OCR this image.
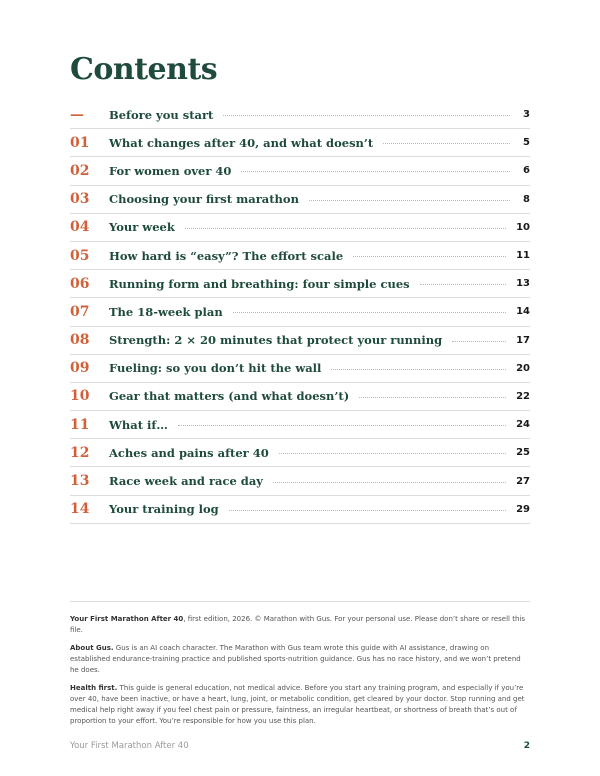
Contents
—	Before you start	3
01	What changes after 40, and what doesn’t	5
02	For women over 40	6
03	Choosing your first marathon	8
04	Your week	10
05	How hard is “easy”? The effort scale	11
06	Running form and breathing: four simple cues	13
07	The 18-week plan	14
08	Strength: 2 × 20 minutes that protect your running	17
09	Fueling: so you don’t hit the wall	20
10	Gear that matters (and what doesn’t)	22
11	What if…	24
12	Aches and pains after 40	25
13	Race week and race day	27
14	Your training log	29

Your First Marathon After 40, first edition, 2026. © Marathon with Gus. For your personal use. Please don’t share or resell this file.

About Gus. Gus is an AI coach character. The Marathon with Gus team wrote this guide with AI assistance, drawing on established endurance-training practice and published sports-nutrition guidance. Gus has no race history, and we won’t pretend he does.

Health first. This guide is general education, not medical advice. Before you start any training program, and especially if you’re over 40, have been inactive, or have a heart, lung, joint, or metabolic condition, get cleared by your doctor. Stop running and get medical help right away if you feel chest pain or pressure, faintness, an irregular heartbeat, or shortness of breath that’s out of proportion to your effort. You’re responsible for how you use this plan.

Your First Marathon After 40	2
